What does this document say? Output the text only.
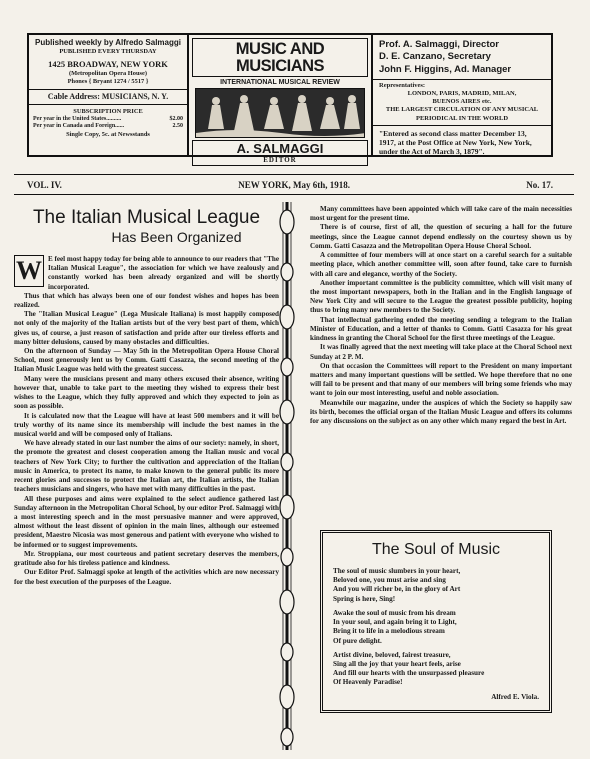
Published weekly by Alfredo Salmaggi
PUBLISHED EVERY THURSDAY
1425 BROADWAY, NEW YORK
(Metropolitan Opera House)
Phones { Bryant 1274 / 5517 }
Cable Address: MUSICIANS, N. Y.
SUBSCRIPTION PRICE
Per year in the United States..........	$2.00
Per year in Canada and Foreign......	2.50
Single Copy, 5c. at Newsstands
MUSIC AND MUSICIANS
INTERNATIONAL MUSICAL REVIEW
A. SALMAGGI
EDITOR
Prof. A. Salmaggi, Director
D. E. Canzano, Secretary
John F. Higgins, Ad. Manager
Representatives:
LONDON, PARIS, MADRID, MILAN,
BUENOS AIRES etc.
THE LARGEST CIRCULATION OF ANY MUSICAL PERIODICAL IN THE WORLD
"Entered as second class matter December 13, 1917, at the Post Office at New York, New York, under the Act of March 3, 1879".
VOL. IV.	NEW YORK, May 6th, 1918.	No. 17.
The Italian Musical League
Has Been Organized
W E feel most happy today for being able to announce to our readers that "The Italian Musical League", the association for which we have zealously and constantly worked has been already organized and will be shortly incorporated.

Thus that which has always been one of our fondest wishes and hopes has been realized.

The "Italian Musical League" (Lega Musicale Italiana) is most happily composed not only of the majority of the Italian artists but of the very best part of them, which gives us, of course, a just reason of satisfaction and pride after our tireless efforts and many bitter delusions, caused by many obstacles and difficulties.

On the afternoon of Sunday — May 5th in the Metropolitan Opera House Choral School, most generously lent us by Comm. Gatti Casazza, the second meeting of the Italian Music League was held with the greatest success.

Many were the musicians present and many others excused their absence, writing however that, unable to take part to the meeting they wished to express their best wishes to the League, which they fully approved and which they expected to join as soon as possible.

It is calculated now that the League will have at least 500 members and it will be truly worthy of its name since its membership will include the best names in the musical world and will be composed only of Italians.

We have already stated in our last number the aims of our society: namely, in short, the promote the greatest and closest cooperation among the Italian music and vocal teachers of New York City; to further the cultivation and appreciation of the Italian music in America, to protect its name, to make known to the general public its more recent glories and successes to protect the Italian art, the Italian artists, the Italian teachers musicians and singers, who have met with many difficulties in the past.

All these purposes and aims were explained to the select audience gathered last Sunday afternoon in the Metropolitan Choral School, by our editor Prof. Salmaggi with a most interesting speech and in the most persuasive manner and were approved, almost without the least dissent of opinion in the main lines, although our esteemed president, Maestro Nicosia was most generous and patient with everyone who wished to be informed or to suggest improvements.

Mr. Stroppiana, our most courteous and patient secretary deserves the members, gratitude also for his tireless patience and kindness.

Our Editor Prof. Salmaggi spoke at length of the activities which are now necessary for the best execution of the purposes of the League.

Many committees have been appointed which will take care of the main necessities most urgent for the present time.

There is of course, first of all, the question of securing a hall for the future meetings, since the League cannot depend endlessly on the courtesy shown us by Comm. Gatti Casazza and the Metropolitan Opera House Choral School.

A committee of four members will at once start on a careful search for a suitable meeting place, which another committee will, soon after found, take care to furnish with all care and elegance, worthy of the Society.

Another important committee is the publicity committee, which will visit many of the most important newspapers, both in the Italian and in the English language of New York City and will secure to the League the greatest possible publicity, hoping thus to bring many new members to the Society.

That intellectual gathering ended the meeting sending a telegram to the Italian Minister of Education, and a letter of thanks to Comm. Gatti Casazza for his great kindness in granting the Choral School for the first three meetings of the League.

It was finally agreed that the next meeting will take place at the Choral School next Sunday at 2 P. M.

On that occasion the Committees will report to the President on many important matters and many important questions will be settled. We hope therefore that no one will fail to be present and that many of our members will bring some friends who may want to join our most interesting, useful and noble association.

Meanwhile our magazine, under the auspices of which the Society so happily saw its birth, becomes the official organ of the Italian Music League and offers its columns for any discussions on the subject as on any other which many regard the best in Art.

The Soul of Music
The soul of music slumbers in your heart,
Beloved one, you must arise and sing
And you will richer be, in the glory of Art
Spring is here, Sing!
Awake the soul of music from his dream
In your soul, and again bring it to Light,
Bring it to life in a melodious stream
Of pure delight.
Artist divine, beloved, fairest treasure,
Sing all the joy that your heart feels, arise
And fill our hearts with the unsurpassed pleasure
Of Heavenly Paradise!
Alfred E. Viola.
